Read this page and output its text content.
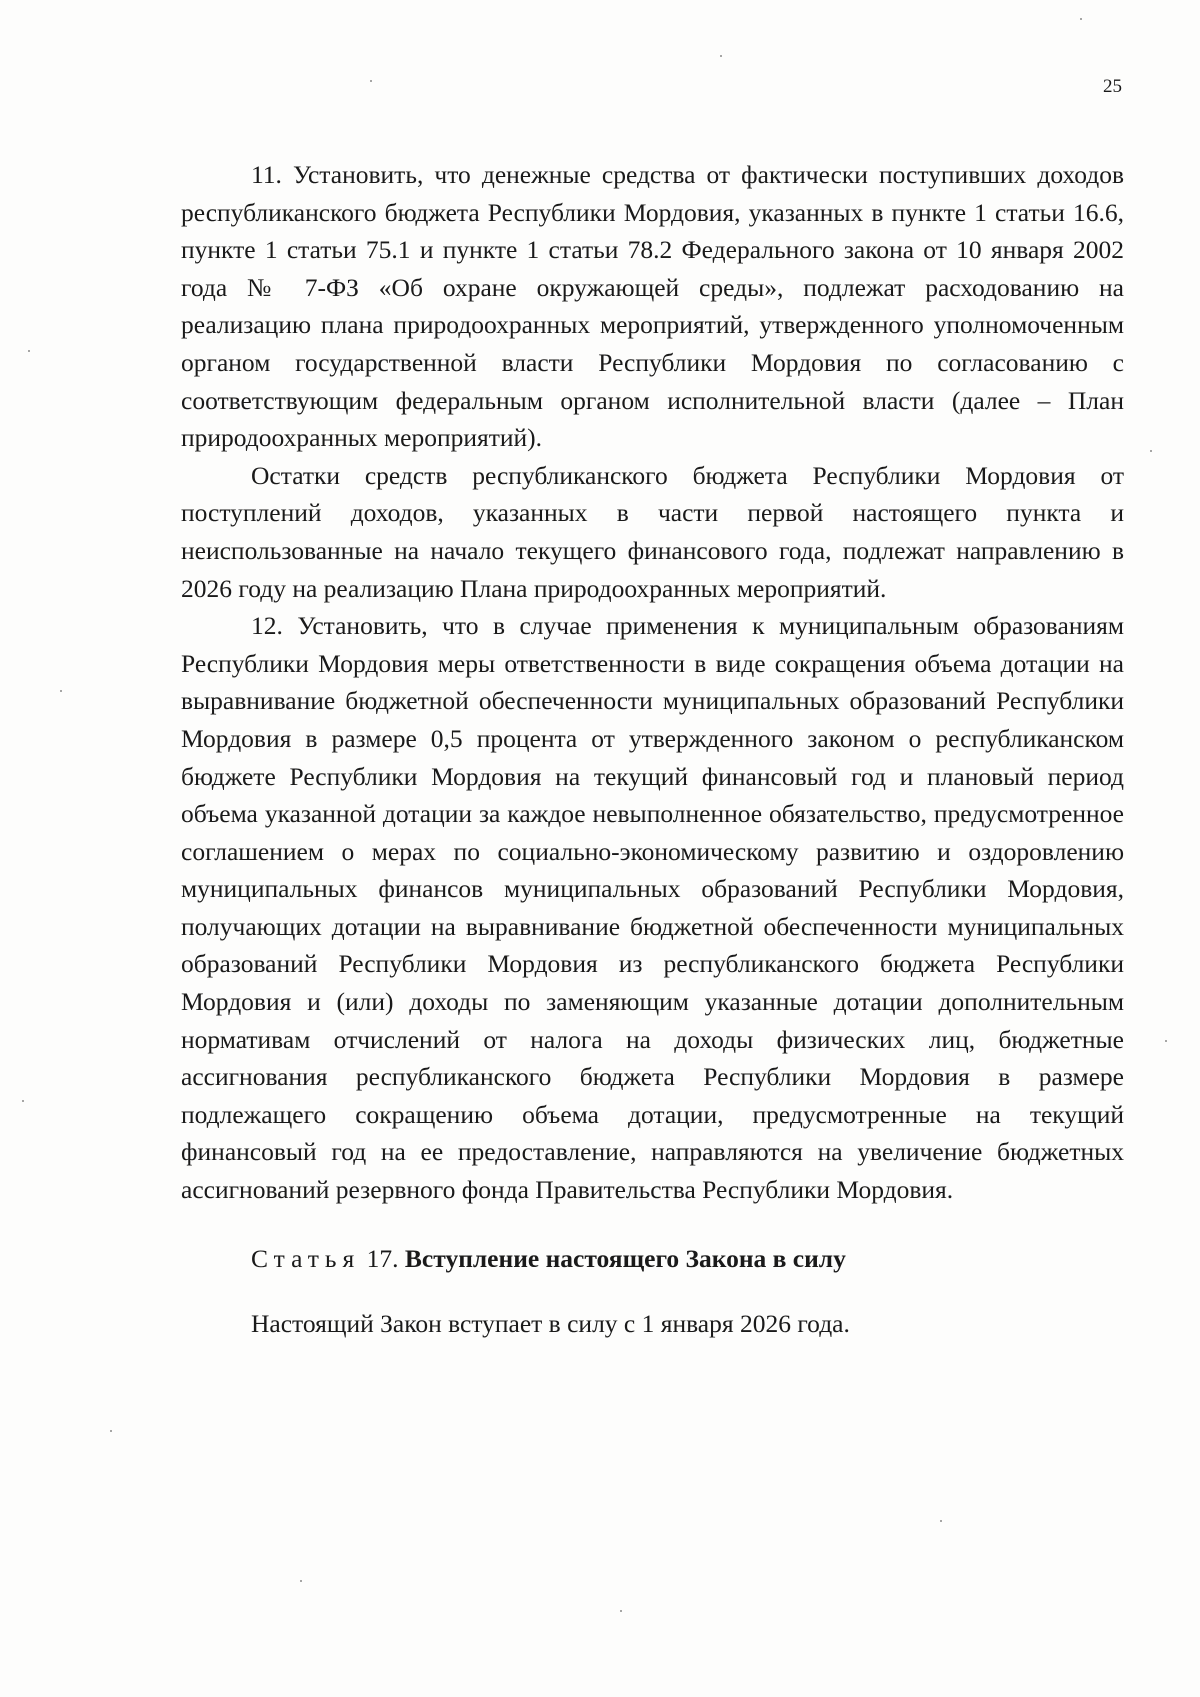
25

11. Установить, что денежные средства от фактически поступивших доходов республиканского бюджета Республики Мордовия, указанных в пункте 1 статьи 16.6, пункте 1 статьи 75.1 и пункте 1 статьи 78.2 Федерального закона от 10 января 2002 года № 7-ФЗ «Об охране окружающей среды», подлежат расходованию на реализацию плана природоохранных мероприятий, утвержденного уполномоченным органом государственной власти Республики Мордовия по согласованию с соответствующим федеральным органом исполнительной власти (далее – План природоохранных мероприятий).

Остатки средств республиканского бюджета Республики Мордовия от поступлений доходов, указанных в части первой настоящего пункта и неиспользованные на начало текущего финансового года, подлежат направлению в 2026 году на реализацию Плана природоохранных мероприятий.

12. Установить, что в случае применения к муниципальным образованиям Республики Мордовия меры ответственности в виде сокращения объема дотации на выравнивание бюджетной обеспеченности муниципальных образований Республики Мордовия в размере 0,5 процента от утвержденного законом о республиканском бюджете Республики Мордовия на текущий финансовый год и плановый период объема указанной дотации за каждое невыполненное обязательство, предусмотренное соглашением о мерах по социально-экономическому развитию и оздоровлению муниципальных финансов муниципальных образований Республики Мордовия, получающих дотации на выравнивание бюджетной обеспеченности муниципальных образований Республики Мордовия из республиканского бюджета Республики Мордовия и (или) доходы по заменяющим указанные дотации дополнительным нормативам отчислений от налога на доходы физических лиц, бюджетные ассигнования республиканского бюджета Республики Мордовия в размере подлежащего сокращению объема дотации, предусмотренные на текущий финансовый год на ее предоставление, направляются на увеличение бюджетных ассигнований резервного фонда Правительства Республики Мордовия.

Статья 17. Вступление настоящего Закона в силу

Настоящий Закон вступает в силу с 1 января 2026 года.
